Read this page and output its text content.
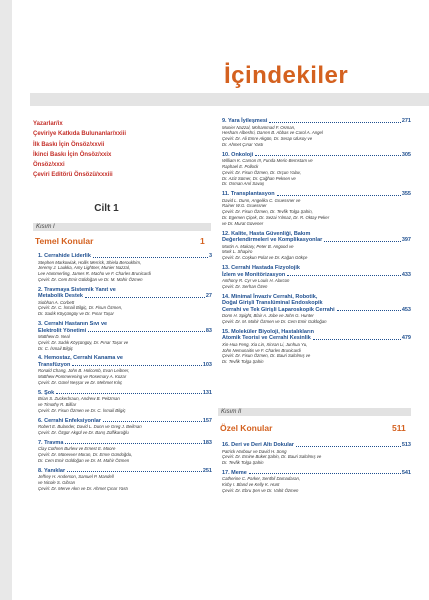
İçindekiler
Yazarlar/ix
Çeviriye Katkıda Bulunanlar/xxiii
İlk Baskı İçin Önsöz/xxvii
İkinci Baskı İçin Önsöz/xxix
Önsöz/xxxi
Çeviri Editörü Önsözü/xxxiii
Cilt 1
Kısım I
Temel Konular	1
1. Cerrahide Liderlik	3
Stephen Markowiak, Hollis Merrick, Shiela Beroukhim,
Jeremy J. Laukka, Amy Lightner, Munier Nazzal,
Lee Hammerling, James R. Macho ve F. Charles Brunicardi
Çeviri: Dr. Cem Emir Güldoğan ve Dr. M. Mahir Özmen
2. Travmaya Sistemik Yanıt ve
Metabolik Destek	27
Siobhan A. Corbett
Çeviri: Dr. C. İsmail Bilgiç, Dr. Fisun Özmen,
Dr. Sadık Köyçüngüy ve Dr. Pınar Taşar
3. Cerrahi Hastanın Sıvı ve
Elektrolit Yönetimi	83
Matthew D. Neal
Çeviri: Dr. Sadık Köyçüngüy, Dr. Pınar Taşar ve
Dr. C. İsmail Bilgiç
4. Hemostaz, Cerrahi Kanama ve
Transfüzyon	103
Ronald Chang, John B. Holcomb, Evan Leibner,
Matthew Pommerening ve Rosemary A. Kozar
Çeviri: Dr. Gürel Neşşar ve Dr. Mehmet Kılıç
5. Şok	131
Brian S. Zuckerbraun, Andrew B. Peitzman
ve Timothy R. Billiar
Çeviri: Dr. Fisun Özmen ve Dr. C. İsmail Bilgiç
6. Cerrahi Enfeksiyonlar	157
Robert E. Bulander, David L. Dunn ve Greg J. Beilman
Çeviri: Dr. Özgür Akgül ve Dr. Barış Zülfikaroğlu
7. Travma	183
Clay Cothren Burlew ve Ernest E. Moore
Çeviri: Dr. Münevver Moran, Dr. Emre Gündoğdu,
Dr. Cem Emir Güldoğan ve Dr. M. Mahir Özmen
8. Yanıklar	251
Jeffrey H. Anderson, Samuel P. Mandell
ve Nicole S. Gibran
Çeviri: Dr. Merve Akın ve Dr. Ahmet Çınar Yastı
9. Yara İyileşmesi	271
Munier Nazzal, Mohammad F. Osman,
Hesham Albeshri, Darren B. Abbas ve Carol A. Angel
Çeviri: Dr. Ali Emre Akgün, Dr. Serap Ulusoy ve
Dr. Ahmet Çınar Yastı
10. Onkoloji	305
William K. Carson III, Funda Meric-Bernstam ve
Raphael E. Pollock
Çeviri: Dr. Fisun Özmen, Dr. Orçun Yalav,
Dr. Aziz Sümer, Dr. Çağhan Peksen ve
Dr. Osman Anıl Savaş
11. Transplantasyon	355
David L. Dunn, Angelika C. Gruessner ve
Rainer W.G. Gruessner
Çeviri: Dr. Fisun Özmen, Dr. Tevfik Tolga Şahin,
Dr. Egemen Çiçek, Dr. Sezai Yılmaz, Dr. R. Oktay Peker
ve Dr. Murat Güvener
12. Kalite, Hasta Güvenliği, Bakım
Değerlendirmeleri ve Komplikasyonlar	397
Martin A. Makary, Peter B. Angood ve
Mark L. Shapiro
Çeviri: Dr. Coşkun Polat ve Dr. Kağan Gökçe
13. Cerrahi Hastada Fizyolojik
İzlem ve Monitörizasyon	433
Anthony R. Cyr ve Louis H. Alarcon
Çeviri: Dr. Serhan Özen
14. Minimal İnvaziv Cerrahi, Robotik,
Doğal Girişli Translüminal Endoskopik
Cerrahi ve Tek Girişli Laparoskopik Cerrahi	453
Donn H. Spight, Blair A. Jobe ve John G. Hunter
Çeviri: Dr. M. Mahir Özmen ve Dr. Cem Emir Güldoğan
15. Moleküler Biyoloji, Hastalıkların
Atomik Teorisi ve Cerrahi Kesinlik	479
Xin-Hua Feng, Xia Lin, Xinran Li, Junhua Yu,
John Nemunaitis ve F. Charles Brunicardi
Çeviri: Dr. Fisun Özmen, Dr. Bauri Saltılmış ve
Dr. Tevfik Tolga Şahin
Kısım II
Özel Konular	511
16. Deri ve Deri Altı Dokular	513
Patrick Harbour ve David H. Song
Çeviri: Dr. Emine Buket Şahin, Dr. Bauri Saltılmış ve
Dr. Tevfik Tolga Şahin
17. Meme	541
Catherine C. Parker, Senthil Damadaran,
Kirby I. Bland ve Kelly K. Hunt
Çeviri: Dr. Ebru Şen ve Dr. Vahit Özmen
